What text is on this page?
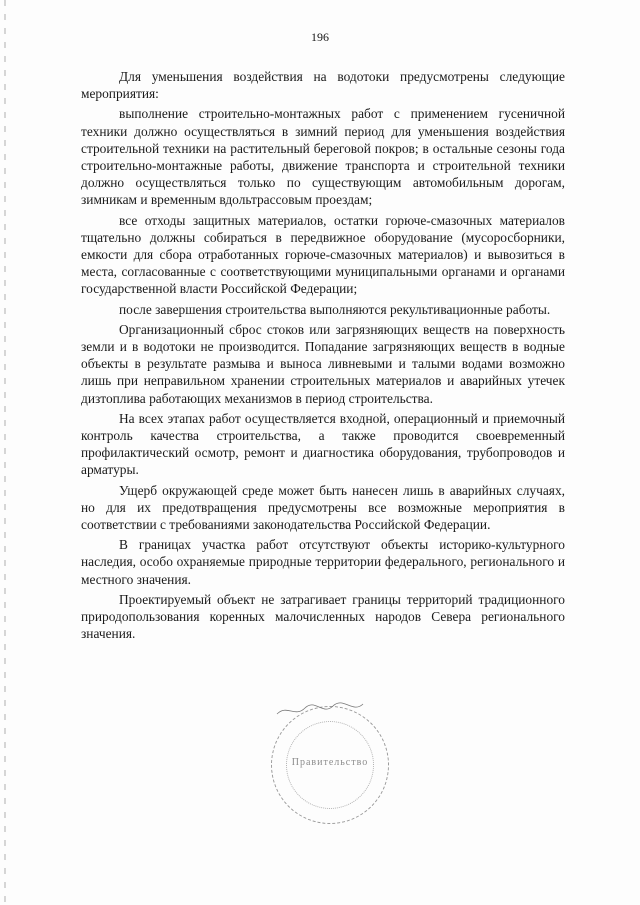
196

Для уменьшения воздействия на водотоки предусмотрены следующие мероприятия:

выполнение строительно-монтажных работ с применением гусеничной техники должно осуществляться в зимний период для уменьшения воздействия строительной техники на растительный береговой покров; в остальные сезоны года строительно-монтажные работы, движение транспорта и строительной техники должно осуществляться только по существующим автомобильным дорогам, зимникам и временным вдольтрассовым проездам;

все отходы защитных материалов, остатки горюче-смазочных материалов тщательно должны собираться в передвижное оборудование (мусоросборники, емкости для сбора отработанных горюче-смазочных материалов) и вывозиться в места, согласованные с соответствующими муниципальными органами и органами государственной власти Российской Федерации;

после завершения строительства выполняются рекультивационные работы.

Организационный сброс стоков или загрязняющих веществ на поверхность земли и в водотоки не производится. Попадание загрязняющих веществ в водные объекты в результате размыва и выноса ливневыми и талыми водами возможно лишь при неправильном хранении строительных материалов и аварийных утечек дизтоплива работающих механизмов в период строительства.

На всех этапах работ осуществляется входной, операционный и приемочный контроль качества строительства, а также проводится своевременный профилактический осмотр, ремонт и диагностика оборудования, трубопроводов и арматуры.

Ущерб окружающей среде может быть нанесен лишь в аварийных случаях, но для их предотвращения предусмотрены все возможные мероприятия в соответствии с требованиями законодательства Российской Федерации.

В границах участка работ отсутствуют объекты историко-культурного наследия, особо охраняемые природные территории федерального, регионального и местного значения.

Проектируемый объект не затрагивает границы территорий традиционного природопользования коренных малочисленных народов Севера регионального значения.

Правительство
